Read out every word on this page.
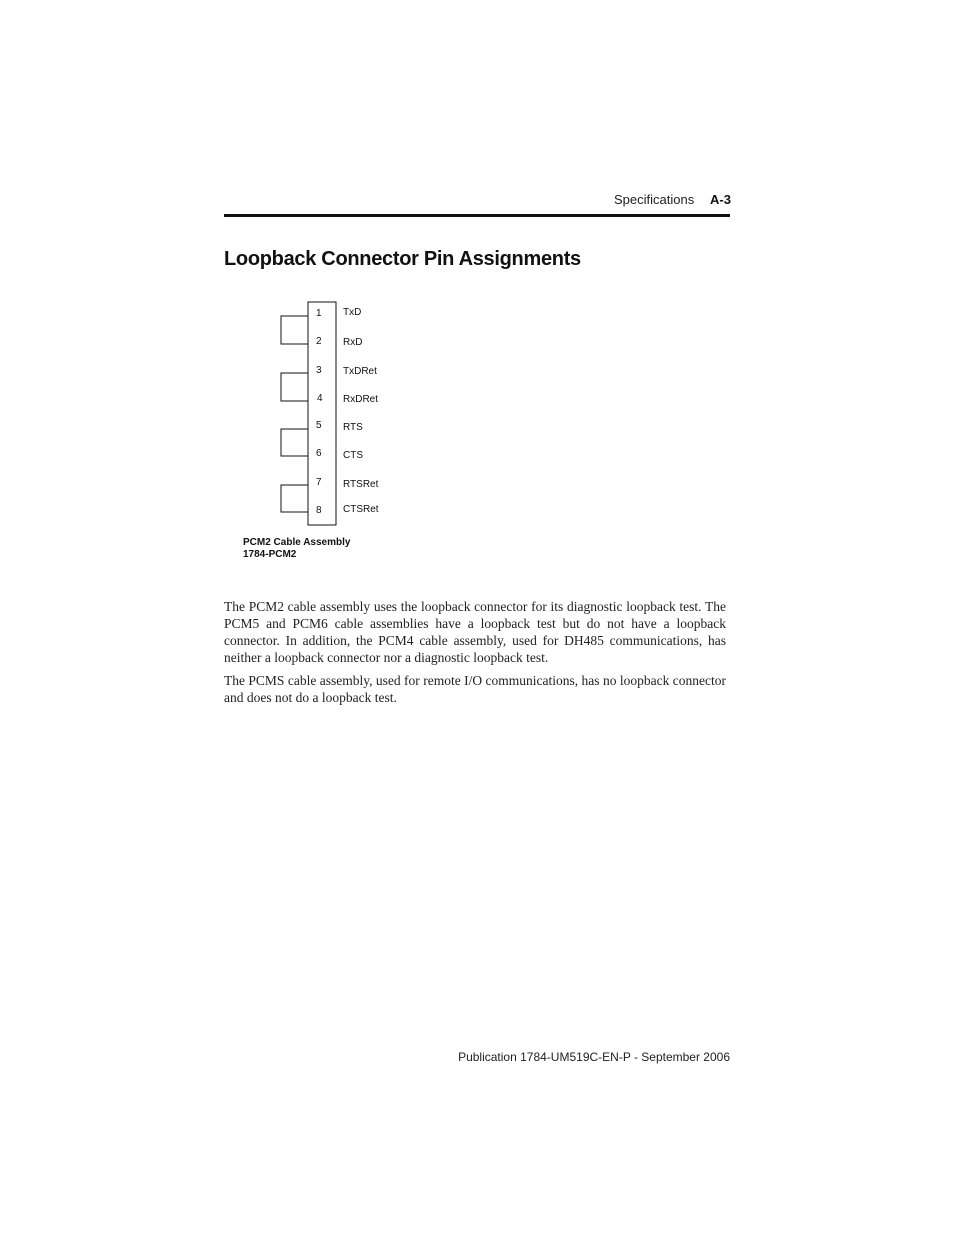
Specifications A-3
Loopback Connector Pin Assignments
1
2
3
4
5
6
7
8
TxD
RxD
TxDRet
RxDRet
RTS
CTS
RTSRet
CTSRet
PCM2 Cable Assembly
1784-PCM2

The PCM2 cable assembly uses the loopback connector for its diagnostic loopback test. The PCM5 and PCM6 cable assemblies have a loopback test but do not have a loopback connector. In addition, the PCM4 cable assembly, used for DH485 communications, has neither a loopback connector nor a diagnostic loopback test.

The PCMS cable assembly, used for remote I/O communications, has no loopback connector and does not do a loopback test.

Publication 1784-UM519C-EN-P - September 2006
